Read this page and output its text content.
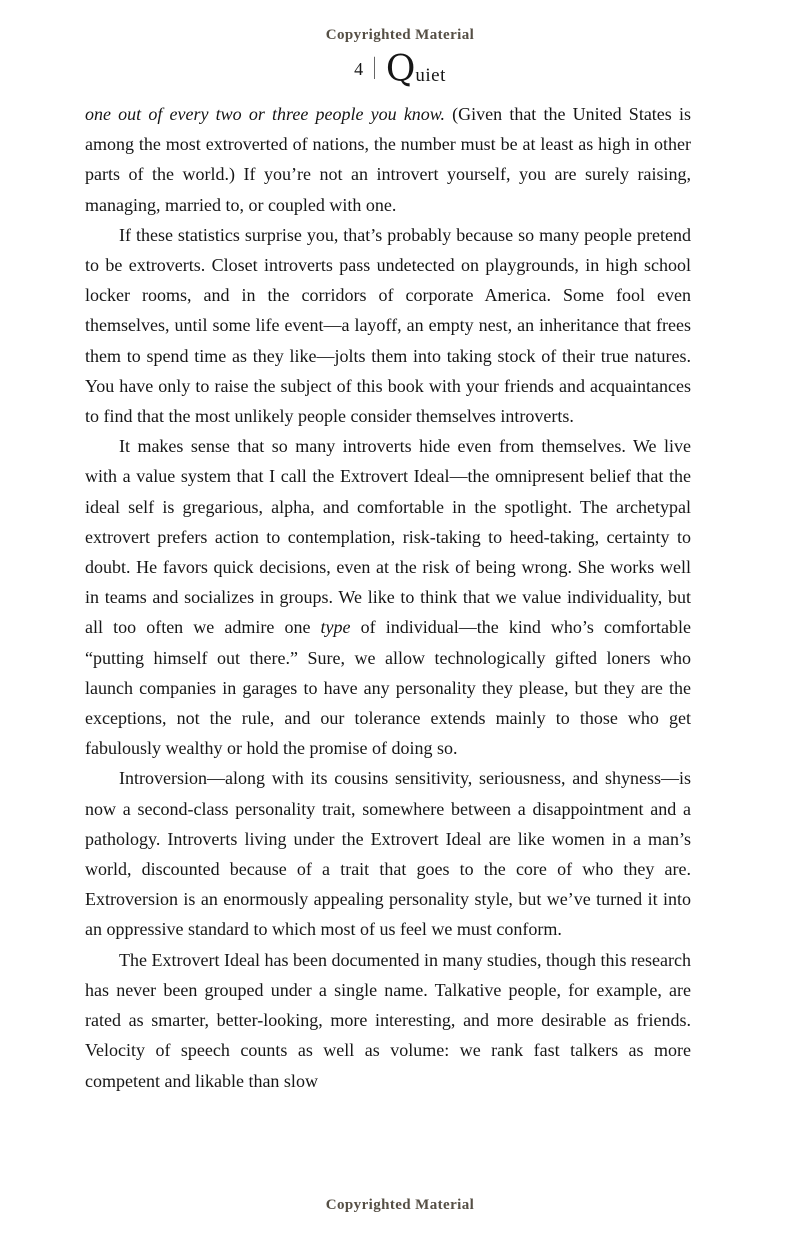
Copyrighted Material
4 | Quiet

one out of every two or three people you know. (Given that the United States is among the most extroverted of nations, the number must be at least as high in other parts of the world.) If you’re not an introvert yourself, you are surely raising, managing, married to, or coupled with one.

If these statistics surprise you, that’s probably because so many people pretend to be extroverts. Closet introverts pass undetected on playgrounds, in high school locker rooms, and in the corridors of corporate America. Some fool even themselves, until some life event—a layoff, an empty nest, an inheritance that frees them to spend time as they like—jolts them into taking stock of their true natures. You have only to raise the subject of this book with your friends and acquaintances to find that the most unlikely people consider themselves introverts.

It makes sense that so many introverts hide even from themselves. We live with a value system that I call the Extrovert Ideal—the omnipresent belief that the ideal self is gregarious, alpha, and comfortable in the spotlight. The archetypal extrovert prefers action to contemplation, risk-taking to heed-taking, certainty to doubt. He favors quick decisions, even at the risk of being wrong. She works well in teams and socializes in groups. We like to think that we value individuality, but all too often we admire one type of individual—the kind who’s comfortable “putting himself out there.” Sure, we allow technologically gifted loners who launch companies in garages to have any personality they please, but they are the exceptions, not the rule, and our tolerance extends mainly to those who get fabulously wealthy or hold the promise of doing so.

Introversion—along with its cousins sensitivity, seriousness, and shyness—is now a second-class personality trait, somewhere between a disappointment and a pathology. Introverts living under the Extrovert Ideal are like women in a man’s world, discounted because of a trait that goes to the core of who they are. Extroversion is an enormously appealing personality style, but we’ve turned it into an oppressive standard to which most of us feel we must conform.

The Extrovert Ideal has been documented in many studies, though this research has never been grouped under a single name. Talkative people, for example, are rated as smarter, better-looking, more interesting, and more desirable as friends. Velocity of speech counts as well as volume: we rank fast talkers as more competent and likable than slow

Copyrighted Material
